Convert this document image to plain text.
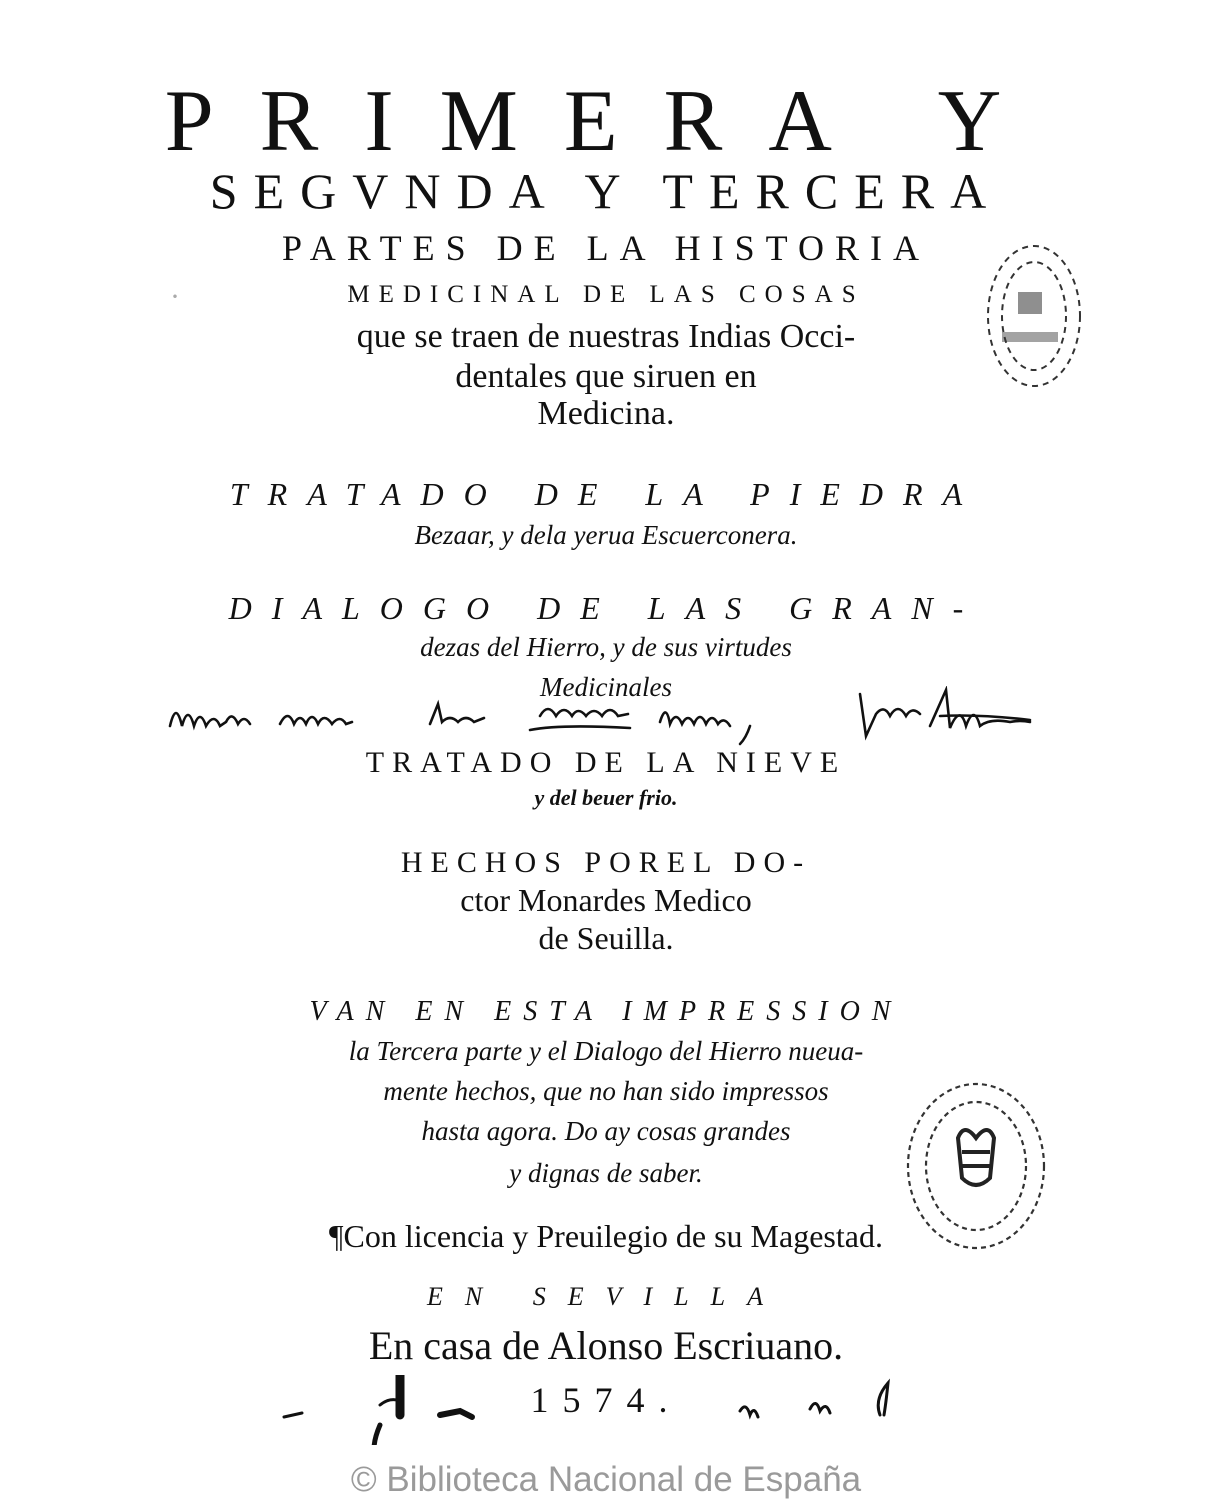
PRIMERA Y
SEGVNDA Y TERCERA
PARTES DE LA HISTORIA
MEDICINAL DE LAS COSAS
que se traen de nuestras Indias Occi-
dentales que siruen en
Medicina.
TRATADO DE LA PIEDRA
Bezaar, y dela yerua Escuerconera.
DIALOGO DE LAS GRAN-
dezas del Hierro, y de sus virtudes
Medicinales
TRATADO DE LA NIEVE
y del beuer frio.
HECHOS POREL DO-
ctor Monardes Medico
de Seuilla.
VAN EN ESTA IMPRESSION
la Tercera parte y el Dialogo del Hierro nueua-
mente hechos, que no han sido impressos
hasta agora. Do ay cosas grandes
y dignas de saber.
¶Con licencia y Preuilegio de su Magestad.
EN SEVILLA
En casa de Alonso Escriuano.
1574.
·
© Biblioteca Nacional de España
